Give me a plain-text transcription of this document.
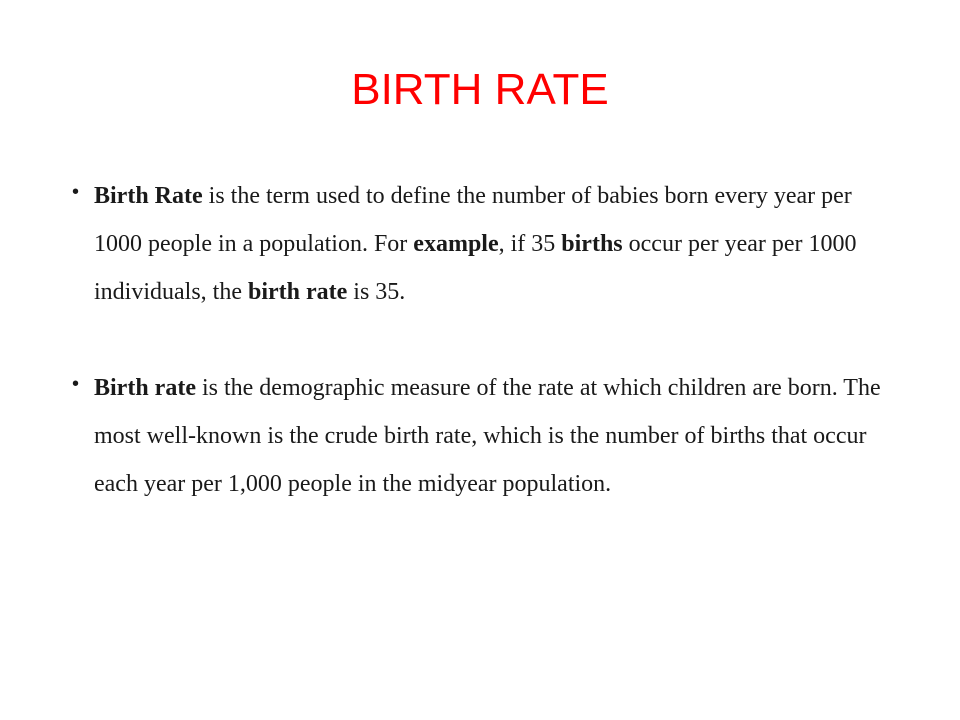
BIRTH RATE

• Birth Rate is the term used to define the number of babies born every year per 1000 people in a population. For example, if 35 births occur per year per 1000 individuals, the birth rate is 35.

• Birth rate is the demographic measure of the rate at which children are born. The most well-known is the crude birth rate, which is the number of births that occur each year per 1,000 people in the midyear population.
